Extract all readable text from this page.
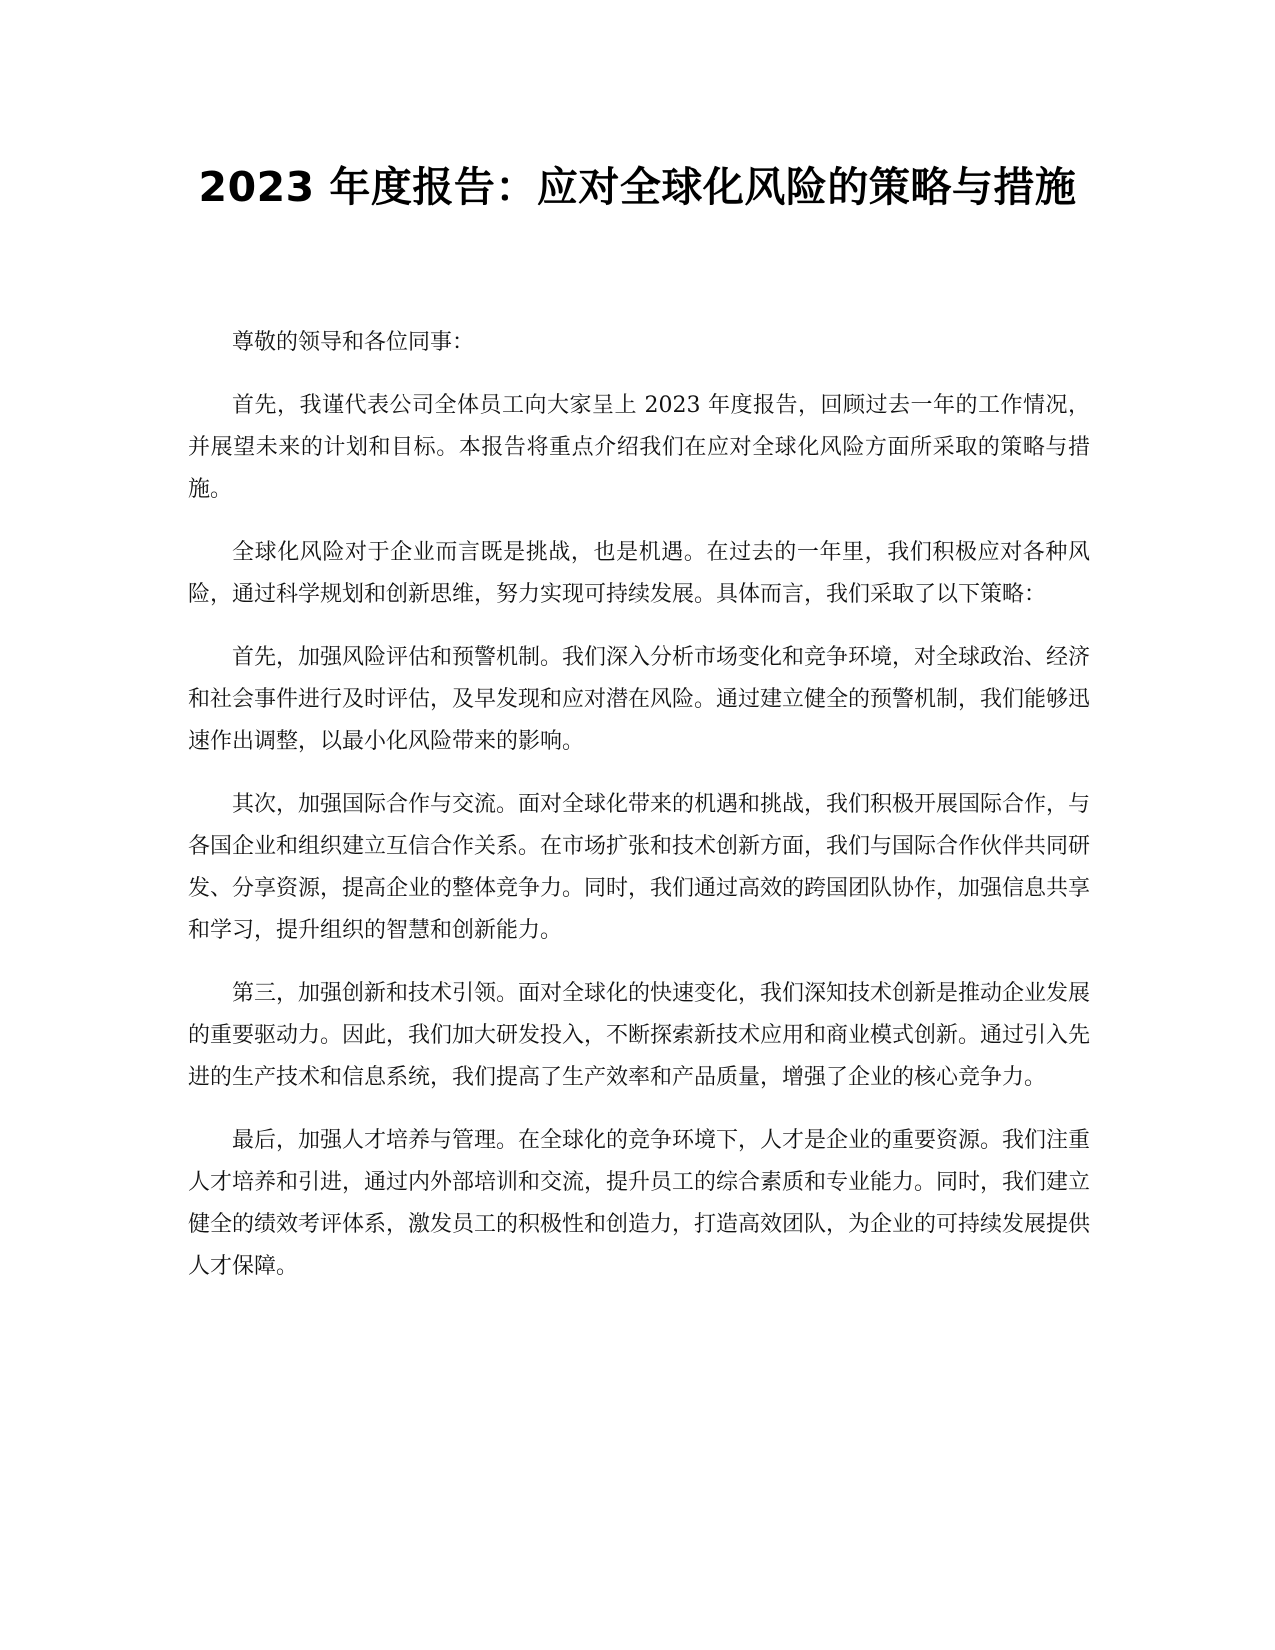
2023 年度报告：应对全球化风险的策略与措施

尊敬的领导和各位同事：

首先，我谨代表公司全体员工向大家呈上 2023 年度报告，回顾过去一年的工作情况，并展望未来的计划和目标。本报告将重点介绍我们在应对全球化风险方面所采取的策略与措施。

全球化风险对于企业而言既是挑战，也是机遇。在过去的一年里，我们积极应对各种风险，通过科学规划和创新思维，努力实现可持续发展。具体而言，我们采取了以下策略：

首先，加强风险评估和预警机制。我们深入分析市场变化和竞争环境，对全球政治、经济和社会事件进行及时评估，及早发现和应对潜在风险。通过建立健全的预警机制，我们能够迅速作出调整，以最小化风险带来的影响。

其次，加强国际合作与交流。面对全球化带来的机遇和挑战，我们积极开展国际合作，与各国企业和组织建立互信合作关系。在市场扩张和技术创新方面，我们与国际合作伙伴共同研发、分享资源，提高企业的整体竞争力。同时，我们通过高效的跨国团队协作，加强信息共享和学习，提升组织的智慧和创新能力。

第三，加强创新和技术引领。面对全球化的快速变化，我们深知技术创新是推动企业发展的重要驱动力。因此，我们加大研发投入，不断探索新技术应用和商业模式创新。通过引入先进的生产技术和信息系统，我们提高了生产效率和产品质量，增强了企业的核心竞争力。

最后，加强人才培养与管理。在全球化的竞争环境下，人才是企业的重要资源。我们注重人才培养和引进，通过内外部培训和交流，提升员工的综合素质和专业能力。同时，我们建立健全的绩效考评体系，激发员工的积极性和创造力，打造高效团队，为企业的可持续发展提供人才保障。
